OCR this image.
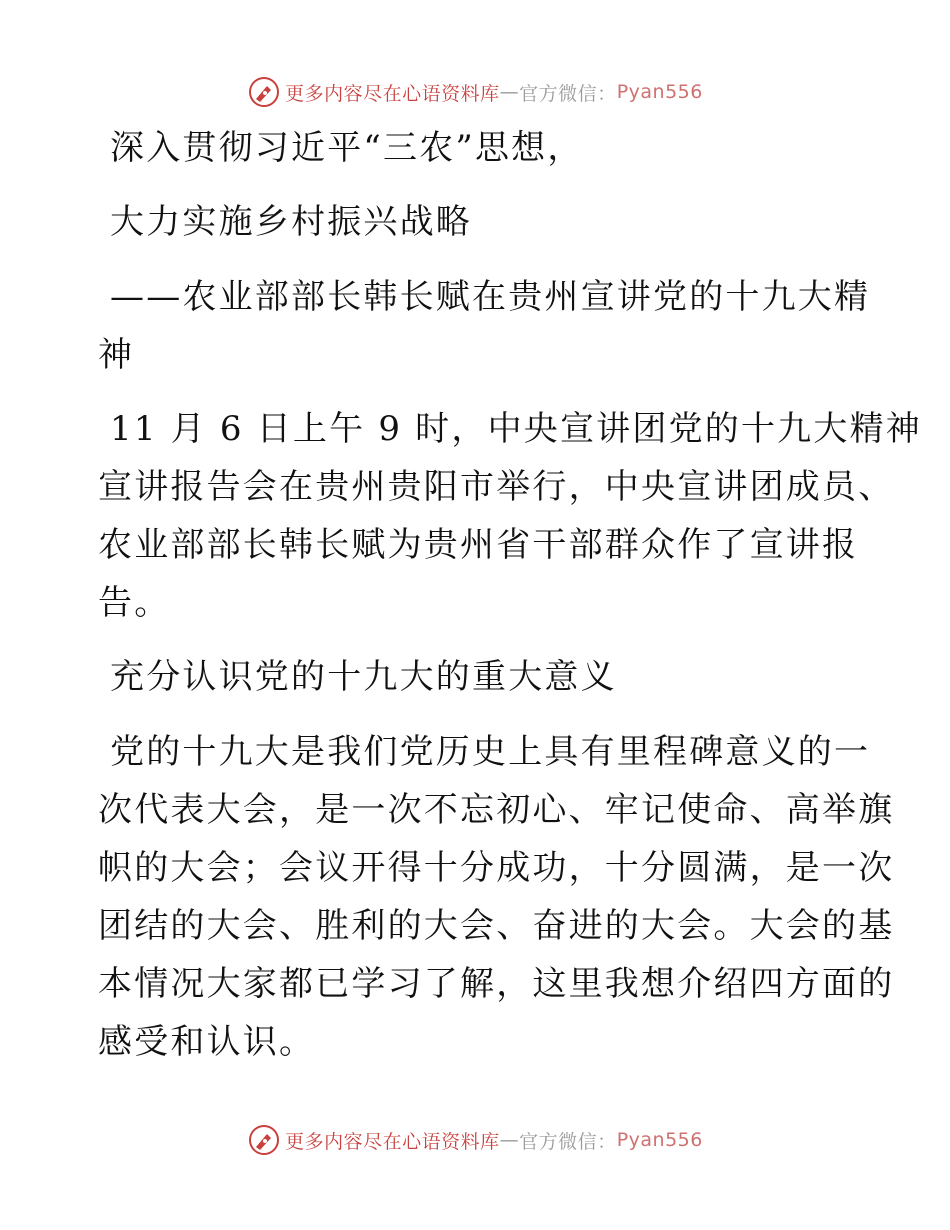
更多内容尽在心语资料库 — 官方微信： Pyan556
深入贯彻习近平“三农”思想，
大力实施乡村振兴战略
——农业部部长韩长赋在贵州宣讲党的十九大精
神
11 月 6 日上午 9 时，中央宣讲团党的十九大精神
宣讲报告会在贵州贵阳市举行，中央宣讲团成员、
农业部部长韩长赋为贵州省干部群众作了宣讲报
告。
充分认识党的十九大的重大意义
党的十九大是我们党历史上具有里程碑意义的一
次代表大会，是一次不忘初心、牢记使命、高举旗
帜的大会；会议开得十分成功，十分圆满，是一次
团结的大会、胜利的大会、奋进的大会。大会的基
本情况大家都已学习了解，这里我想介绍四方面的
感受和认识。
更多内容尽在心语资料库 — 官方微信： Pyan556
